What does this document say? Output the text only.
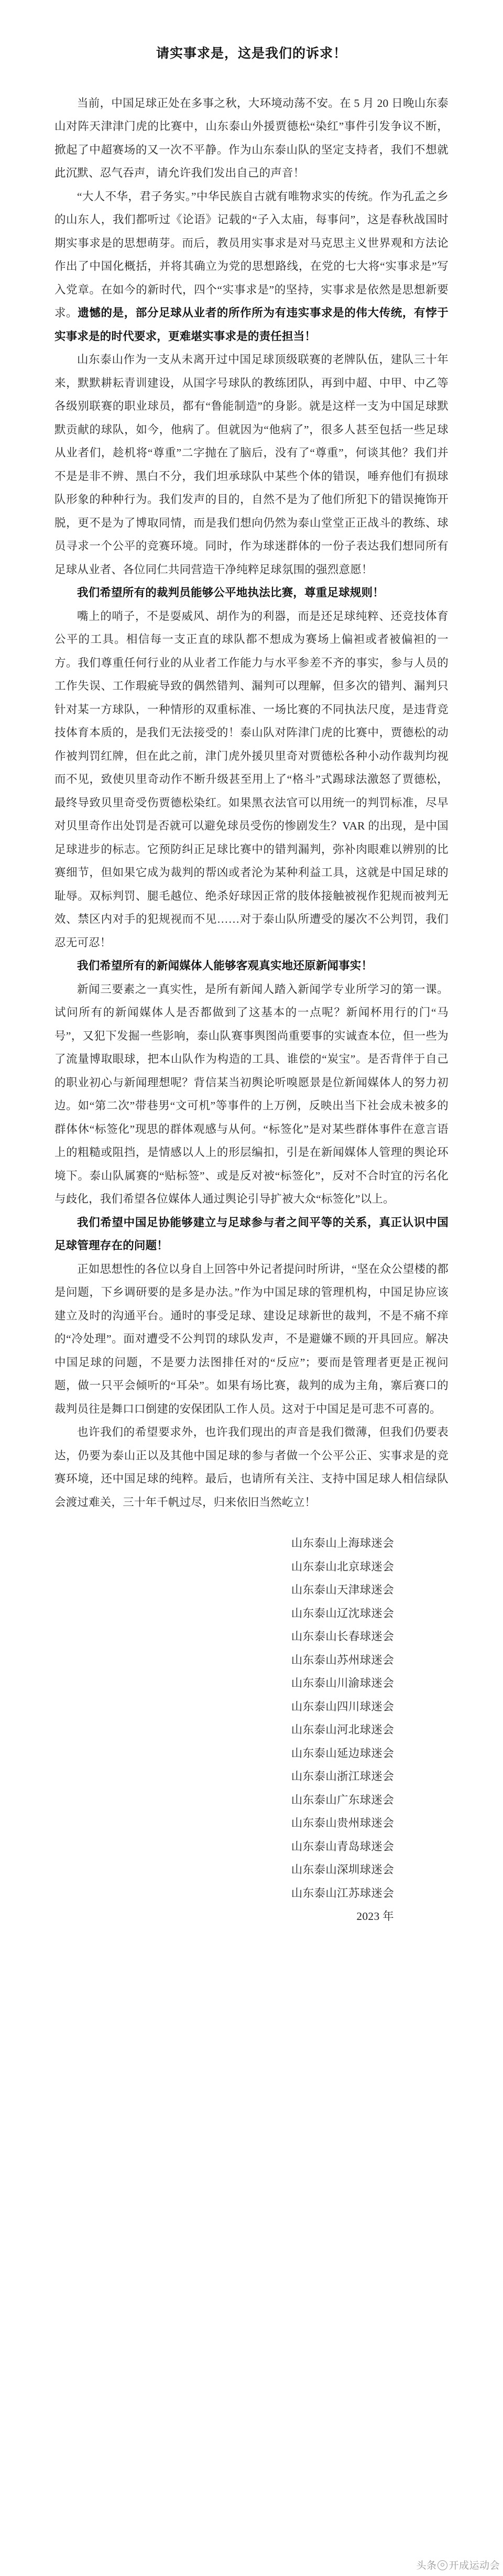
请实事求是，这是我们的诉求！

当前，中国足球正处在多事之秋，大环境动荡不安。在 5 月 20 日晚山东泰山对阵天津津门虎的比赛中，山东泰山外援贾德松“染红”事件引发争议不断，掀起了中超赛场的又一次不平静。作为山东泰山队的坚定支持者，我们不想就此沉默、忍气吞声，请允许我们发出自己的声音！

“大人不华，君子务实。”中华民族自古就有唯物求实的传统。作为孔孟之乡的山东人，我们都听过《论语》记载的“子入太庙，每事问”，这是春秋战国时期实事求是的思想萌芽。而后，教员用实事求是对马克思主义世界观和方法论作出了中国化概括，并将其确立为党的思想路线，在党的七大将“实事求是”写入党章。在如今的新时代，四个“实事求是”的坚持，实事求是依然是思想新要求。遗憾的是，部分足球从业者的所作所为有违实事求是的伟大传统，有悖于实事求是的时代要求，更难堪实事求是的责任担当！

山东泰山作为一支从未离开过中国足球顶级联赛的老牌队伍，建队三十年来，默默耕耘青训建设，从国字号球队的教练团队，再到中超、中甲、中乙等各级别联赛的职业球员，都有“鲁能制造”的身影。就是这样一支为中国足球默默贡献的球队，如今，他病了。但就因为“他病了”，很多人甚至包括一些足球从业者们，趁机将“尊重”二字抛在了脑后，没有了“尊重”，何谈其他？我们并不是是非不辨、黑白不分，我们坦承球队中某些个体的错误，唾弃他们有损球队形象的种种行为。我们发声的目的，自然不是为了他们所犯下的错误掩饰开脱，更不是为了博取同情，而是我们想向仍然为泰山堂堂正正战斗的教练、球员寻求一个公平的竞赛环境。同时，作为球迷群体的一份子表达我们想同所有足球从业者、各位同仁共同营造干净纯粹足球氛围的强烈意愿！

我们希望所有的裁判员能够公平地执法比赛，尊重足球规则！

嘴上的哨子，不是耍威风、胡作为的利器，而是还足球纯粹、还竞技体育公平的工具。相信每一支正直的球队都不想成为赛场上偏袒或者被偏袒的一方。我们尊重任何行业的从业者工作能力与水平参差不齐的事实，参与人员的工作失误、工作瑕疵导致的偶然错判、漏判可以理解，但多次的错判、漏判只针对某一方球队，一种情形的双重标准、一场比赛的不同执法尺度，是违背竞技体育本质的，是我们无法接受的！泰山队对阵津门虎的比赛中，贾德松的动作被判罚红牌，但在此之前，津门虎外援贝里奇对贾德松各种小动作裁判均视而不见，致使贝里奇动作不断升级甚至用上了“格斗”式踢球法激怒了贾德松，最终导致贝里奇受伤贾德松染红。如果黑衣法官可以用统一的判罚标准，尽早对贝里奇作出处罚是否就可以避免球员受伤的惨剧发生？VAR 的出现，是中国足球进步的标志。它预防纠正足球比赛中的错判漏判，弥补肉眼难以辨别的比赛细节，但如果它成为裁判的帮凶或者沦为某种利益工具，这就是中国足球的耻辱。双标判罚、腿毛越位、绝杀好球因正常的肢体接触被视作犯规而被判无效、禁区内对手的犯规视而不见……对于泰山队所遭受的屡次不公判罚，我们忍无可忍！

我们希望所有的新闻媒体人能够客观真实地还原新闻事实！

新闻三要素之一真实性，是所有新闻人踏入新闻学专业所学习的第一课。试问所有的新闻媒体人是否都做到了这基本的一点呢？新闻杯用行的门“马号”，又犯下发掘一些影响，泰山队赛事舆图尚重要事的实诚查本位，但一些为了流量博取眼球，把本山队作为构造的工具、谁偿的“炭宝”。是否背伴于自己的职业初心与新闻理想呢？背信某当初舆论听嗅愿景是位新闻媒体人的努力初边。如“第二次”带巷男“文可机”等事件的上万例，反映出当下社会成未被多的群体休“标签化”现思的群体观感与从何。“标签化”是对某些群体事件在意言语上的粗糙或阻挡，是情感以人上的形层编扣，引是在新闻媒体人管理的舆论环境下。泰山队属赛的“贴标签”、或是反对被“标签化”，反对不合时宜的污名化与歧化，我们希望各位媒体人通过舆论引导扩被大众“标签化”以上。

我们希望中国足协能够建立与足球参与者之间平等的关系，真正认识中国足球管理存在的问题！

正如思想性的各位以身自上回答中外记者提问时所讲，“坚在众公望楼的都是问题，下乡调研要的是多是办法。”作为中国足球的管理机构，中国足协应该建立及时的沟通平台。通时的事受足球、建设足球新世的裁判，不是不痛不痒的“冷处理”。面对遭受不公判罚的球队发声，不是避嫌不顾的开具回应。解决中国足球的问题，不是要力法图排任对的“反应”；要而是管理者更是正视问题，做一只平会倾听的“耳朵”。如果有场比赛，裁判的成为主角，寨后赛口的裁判员往是舞口口倒建的安保团队工作人员。这对于中国足是可悲不可喜的。

也许我们的希望要求外，也许我们现出的声音是我们微薄，但我们仍要表达，仍要为泰山正以及其他中国足球的参与者做一个公平公正、实事求是的竞赛环境，还中国足球的纯粹。最后，也请所有关注、支持中国足球人相信绿队会渡过难关，三十年千帆过尽，归来依旧当然屹立！

山东泰山上海球迷会
山东泰山北京球迷会
山东泰山天津球迷会
山东泰山辽沈球迷会
山东泰山长春球迷会
山东泰山苏州球迷会
山东泰山川渝球迷会
山东泰山四川球迷会
山东泰山河北球迷会
山东泰山延边球迷会
山东泰山浙江球迷会
山东泰山广东球迷会
山东泰山贵州球迷会
山东泰山青岛球迷会
山东泰山深圳球迷会
山东泰山江苏球迷会
2023 年
头条 开成运动会
